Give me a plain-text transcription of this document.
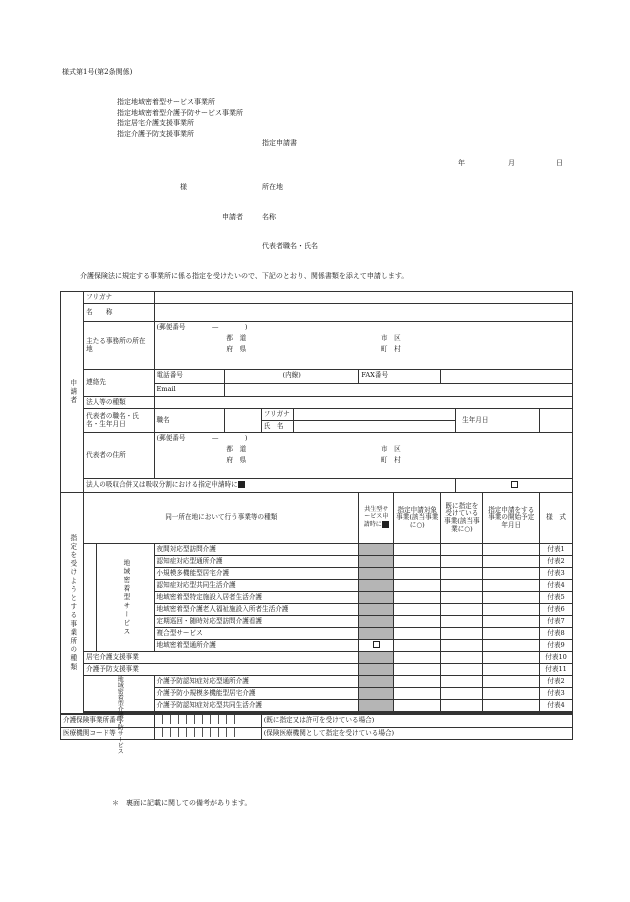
様式第1号(第2条関係)
指定地域密着型サービス事業所
指定地域密着型介護予防サービス事業所
指定居宅介護支援事業所
指定介護予防支援事業所
指定申請書
年	月	日
様	所在地
申請者	名称
代表者職名・氏名
介護保険法に規定する事業所に係る指定を受けたいので、下記のとおり、関係書類を添えて申請します。
申請者	フリガナ											
	名　　称											
	主たる事務所の所在地		(郵便番号　　　　—　　　　)									
				都　道			市　区					
				府　県			町　村					

	連絡先		電話番号	(内線)			FAX番号					
			Email									
	法人等の種類											
	代表者の職名・氏名・生年月日		職名		フリガナ					生年月日		
					氏　名							
	代表者の住所		(郵便番号　　　　—　　　　)									
				都　道			市　区					
				府　県			町　村					

	法人の吸収合併又は吸収分割における指定申請時に											
指定を受けようとする事業所の種類	同一所在地において行う事業等の種類						共生型サービス申請時に	指定申請対象事業(該当事業に○)	既に指定を受けている事業(該当事業に○)		指定申請をする事業の開始予定年月日	様　式
		地域密着型サービス	夜間対応型訪問介護									付表1
			認知症対応型通所介護									付表2
			小規模多機能型居宅介護									付表3
			認知症対応型共同生活介護									付表4
			地域密着型特定施設入居者生活介護									付表5
			地域密着型介護老人福祉施設入所者生活介護									付表6
			定期巡回・随時対応型訪問介護看護									付表7
			複合型サービス									付表8
			地域密着型通所介護									付表9
	居宅介護支援事業											付表10
	介護予防支援事業											付表11
	地域密着型介護予防サービス		介護予防認知症対応型通所介護									付表2
			介護予防小規模多機能型居宅介護									付表3
			介護予防認知症対応型共同生活介護									付表4

介護保険事業所番号					(既に指定又は許可を受けている場合)							
医療機関コード等					(保険医療機関として指定を受けている場合)							
＊　裏面に記載に関しての備考があります。
